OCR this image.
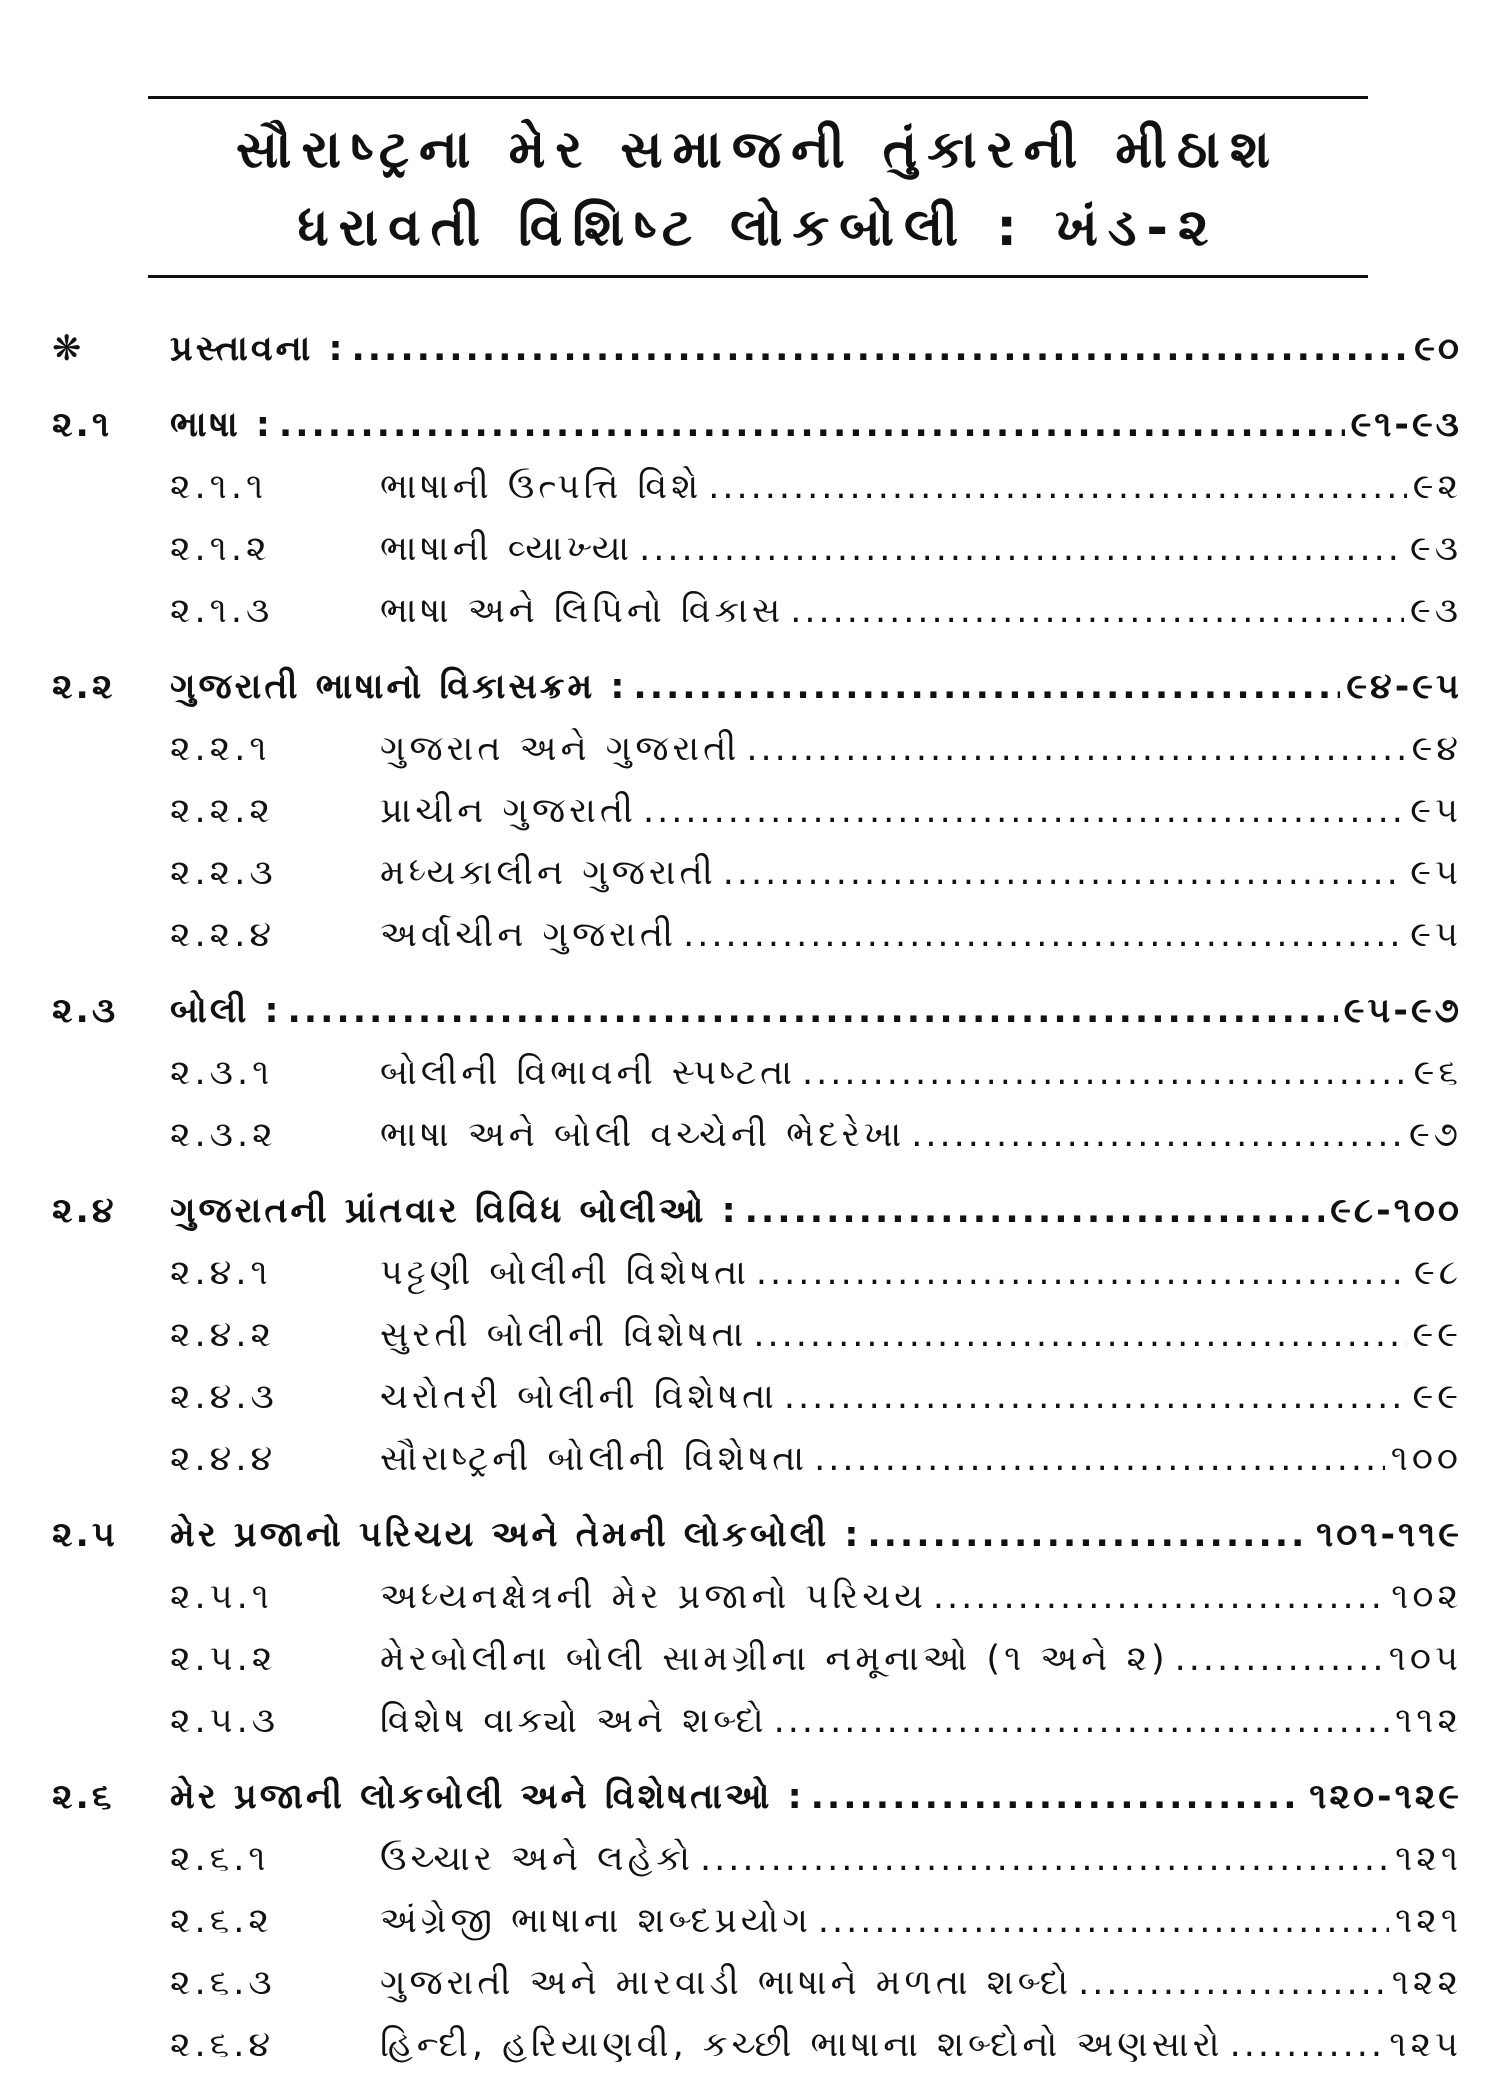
સૌરાષ્ટ્રના મેર સમાજની તુંકારની મીઠાશ
ધરાવતી વિશિષ્ટ લોકબોલી : ખંડ-૨
❋ પ્રસ્તાવના : .....	૯૦
૨.૧ ભાષા : .....	૯૧-૯૩
૨.૧.૧	ભાષાની ઉત્પત્તિ વિશે .....	૯૨
૨.૧.૨	ભાષાની વ્યાખ્યા .....	૯૩
૨.૧.૩	ભાષા અને લિપિનો વિકાસ .....	૯૩
૨.૨ ગુજરાતી ભાષાનો વિકાસક્રમ : .....	૯૪-૯૫
૨.૨.૧	ગુજરાત અને ગુજરાતી .....	૯૪
૨.૨.૨	પ્રાચીન ગુજરાતી .....	૯૫
૨.૨.૩	મધ્યકાલીન ગુજરાતી .....	૯૫
૨.૨.૪	અર્વાચીન ગુજરાતી .....	૯૫
૨.૩ બોલી : .....	૯૫-૯૭
૨.૩.૧	બોલીની વિભાવની સ્પષ્ટતા .....	૯૬
૨.૩.૨	ભાષા અને બોલી વચ્ચેની ભેદરેખા .....	૯૭
૨.૪ ગુજરાતની પ્રાંતવાર વિવિધ બોલીઓ : .....	૯૮-૧૦૦
૨.૪.૧	પટ્ટણી બોલીની વિશેષતા .....	૯૮
૨.૪.૨	સુરતી બોલીની વિશેષતા .....	૯૯
૨.૪.૩	ચરોતરી બોલીની વિશેષતા .....	૯૯
૨.૪.૪	સૌરાષ્ટ્રની બોલીની વિશેષતા .....	૧૦૦
૨.૫ મેર પ્રજાનો પરિચય અને તેમની લોકબોલી : .....	૧૦૧-૧૧૯
૨.૫.૧	અધ્યનક્ષેત્રની મેર પ્રજાનો પરિચય .....	૧૦૨
૨.૫.૨	મેરબોલીના બોલી સામગ્રીના નમૂનાઓ (૧ અને ૨) .....	૧૦૫
૨.૫.૩	વિશેષ વાક્યો અને શબ્દો .....	૧૧૨
૨.૬ મેર પ્રજાની લોકબોલી અને વિશેષતાઓ : .....	૧૨૦-૧૨૯
૨.૬.૧	ઉચ્ચાર અને લહેકો .....	૧૨૧
૨.૬.૨	અંગ્રેજી ભાષાના શબ્દપ્રયોગ .....	૧૨૧
૨.૬.૩	ગુજરાતી અને મારવાડી ભાષાને મળતા શબ્દો .....	૧૨૨
૨.૬.૪	હિન્દી, હરિયાણવી, કચ્છી ભાષાના શબ્દોનો અણસારો .....	૧૨૫
